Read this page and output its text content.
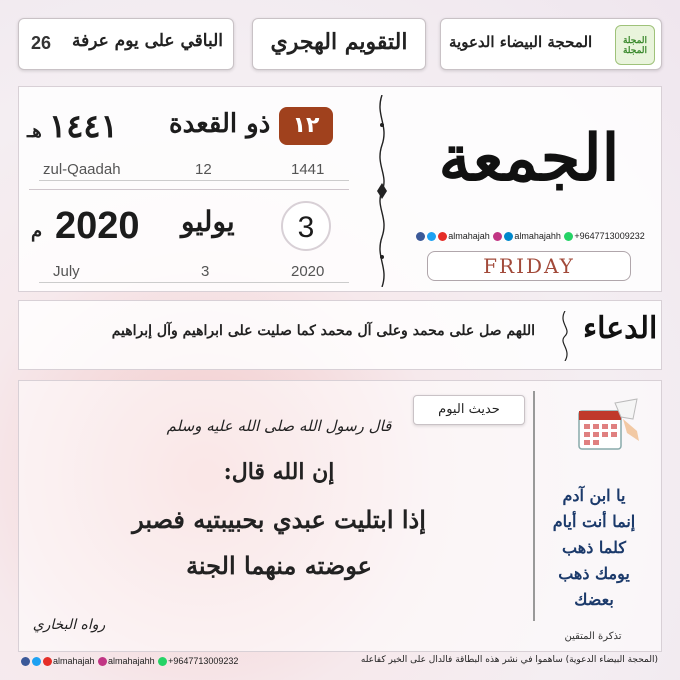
26 الباقي على يوم عرفة	التقويم الهجري	المحجة البيضاء الدعوية	المجلة المجلة
١٢
ذو القعدة
١٤٤١
هـ
zul-Qaadah	12	1441
3
يوليو
2020
م
July	3	2020
الجمعة
almahajah	almahajahh +9647713009232
FRIDAY
اللهم صل على محمد وعلى آل محمد كما صليت على ابراهيم وآل إبراهيم الدعاء
حديث اليوم
قال رسول الله صلى الله عليه وسلم
إن الله قال:
إذا ابتليت عبدي بحبيبتيه فصبر
عوضته منهما الجنة
رواه البخاري
يا ابن آدم
إنما أنت أيام
كلما ذهب
يومك ذهب
بعضك
تذكرة المتقين
almahajah almahajahh +9647713009232	(المحجة البيضاء الدعوية) ساهموا في نشر هذه البطاقة فالدال على الخير كفاعله
